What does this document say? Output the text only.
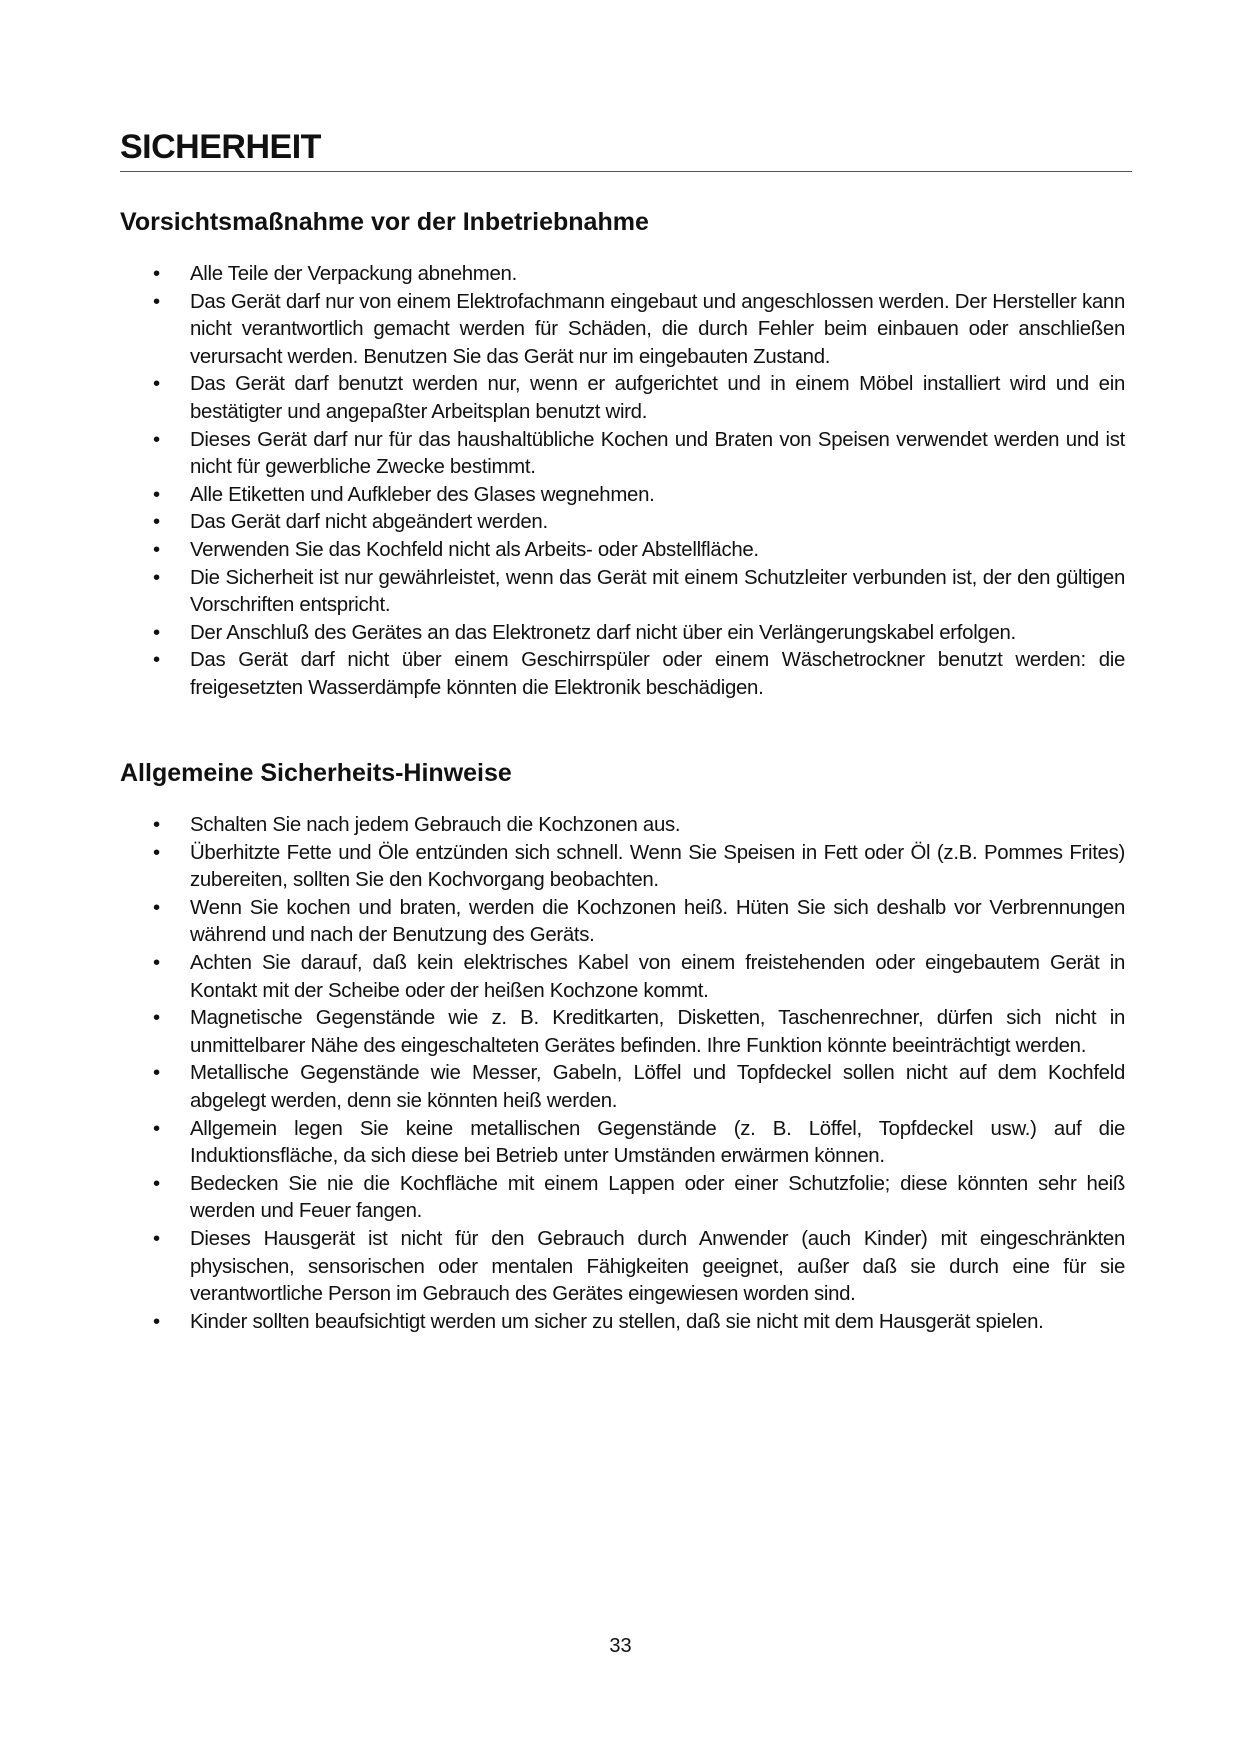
SICHERHEIT
Vorsichtsmaßnahme vor der Inbetriebnahme
• Alle Teile der Verpackung abnehmen.
• Das Gerät darf nur von einem Elektrofachmann eingebaut und angeschlossen werden. Der Hersteller kann nicht verantwortlich gemacht werden für Schäden, die durch Fehler beim einbauen oder anschließen verursacht werden. Benutzen Sie das Gerät nur im eingebauten Zustand.
• Das Gerät darf benutzt werden nur, wenn er aufgerichtet und in einem Möbel installiert wird und ein bestätigter und angepaßter Arbeitsplan benutzt wird.
• Dieses Gerät darf nur für das haushaltübliche Kochen und Braten von Speisen verwendet werden und ist nicht für gewerbliche Zwecke bestimmt.
• Alle Etiketten und Aufkleber des Glases wegnehmen.
• Das Gerät darf nicht abgeändert werden.
• Verwenden Sie das Kochfeld nicht als Arbeits- oder Abstellfläche.
• Die Sicherheit ist nur gewährleistet, wenn das Gerät mit einem Schutzleiter verbunden ist, der den gültigen Vorschriften entspricht.
• Der Anschluß des Gerätes an das Elektronetz darf nicht über ein Verlängerungskabel erfolgen.
• Das Gerät darf nicht über einem Geschirrspüler oder einem Wäschetrockner benutzt werden: die freigesetzten Wasserdämpfe könnten die Elektronik beschädigen.
Allgemeine Sicherheits-Hinweise
• Schalten Sie nach jedem Gebrauch die Kochzonen aus.
• Überhitzte Fette und Öle entzünden sich schnell. Wenn Sie Speisen in Fett oder Öl (z.B. Pommes Frites) zubereiten, sollten Sie den Kochvorgang beobachten.
• Wenn Sie kochen und braten, werden die Kochzonen heiß. Hüten Sie sich deshalb vor Verbrennungen während und nach der Benutzung des Geräts.
• Achten Sie darauf, daß kein elektrisches Kabel von einem freistehenden oder eingebautem Gerät in Kontakt mit der Scheibe oder der heißen Kochzone kommt.
• Magnetische Gegenstände wie z. B. Kreditkarten, Disketten, Taschenrechner, dürfen sich nicht in unmittelbarer Nähe des eingeschalteten Gerätes befinden. Ihre Funktion könnte beeinträchtigt werden.
• Metallische Gegenstände wie Messer, Gabeln, Löffel und Topfdeckel sollen nicht auf dem Kochfeld abgelegt werden, denn sie könnten heiß werden.
• Allgemein legen Sie keine metallischen Gegenstände (z. B. Löffel, Topfdeckel usw.) auf die Induktionsfläche, da sich diese bei Betrieb unter Umständen erwärmen können.
• Bedecken Sie nie die Kochfläche mit einem Lappen oder einer Schutzfolie; diese könnten sehr heiß werden und Feuer fangen.
• Dieses Hausgerät ist nicht für den Gebrauch durch Anwender (auch Kinder) mit eingeschränkten physischen, sensorischen oder mentalen Fähigkeiten geeignet, außer daß sie durch eine für sie verantwortliche Person im Gebrauch des Gerätes eingewiesen worden sind.
• Kinder sollten beaufsichtigt werden um sicher zu stellen, daß sie nicht mit dem Hausgerät spielen.
33
